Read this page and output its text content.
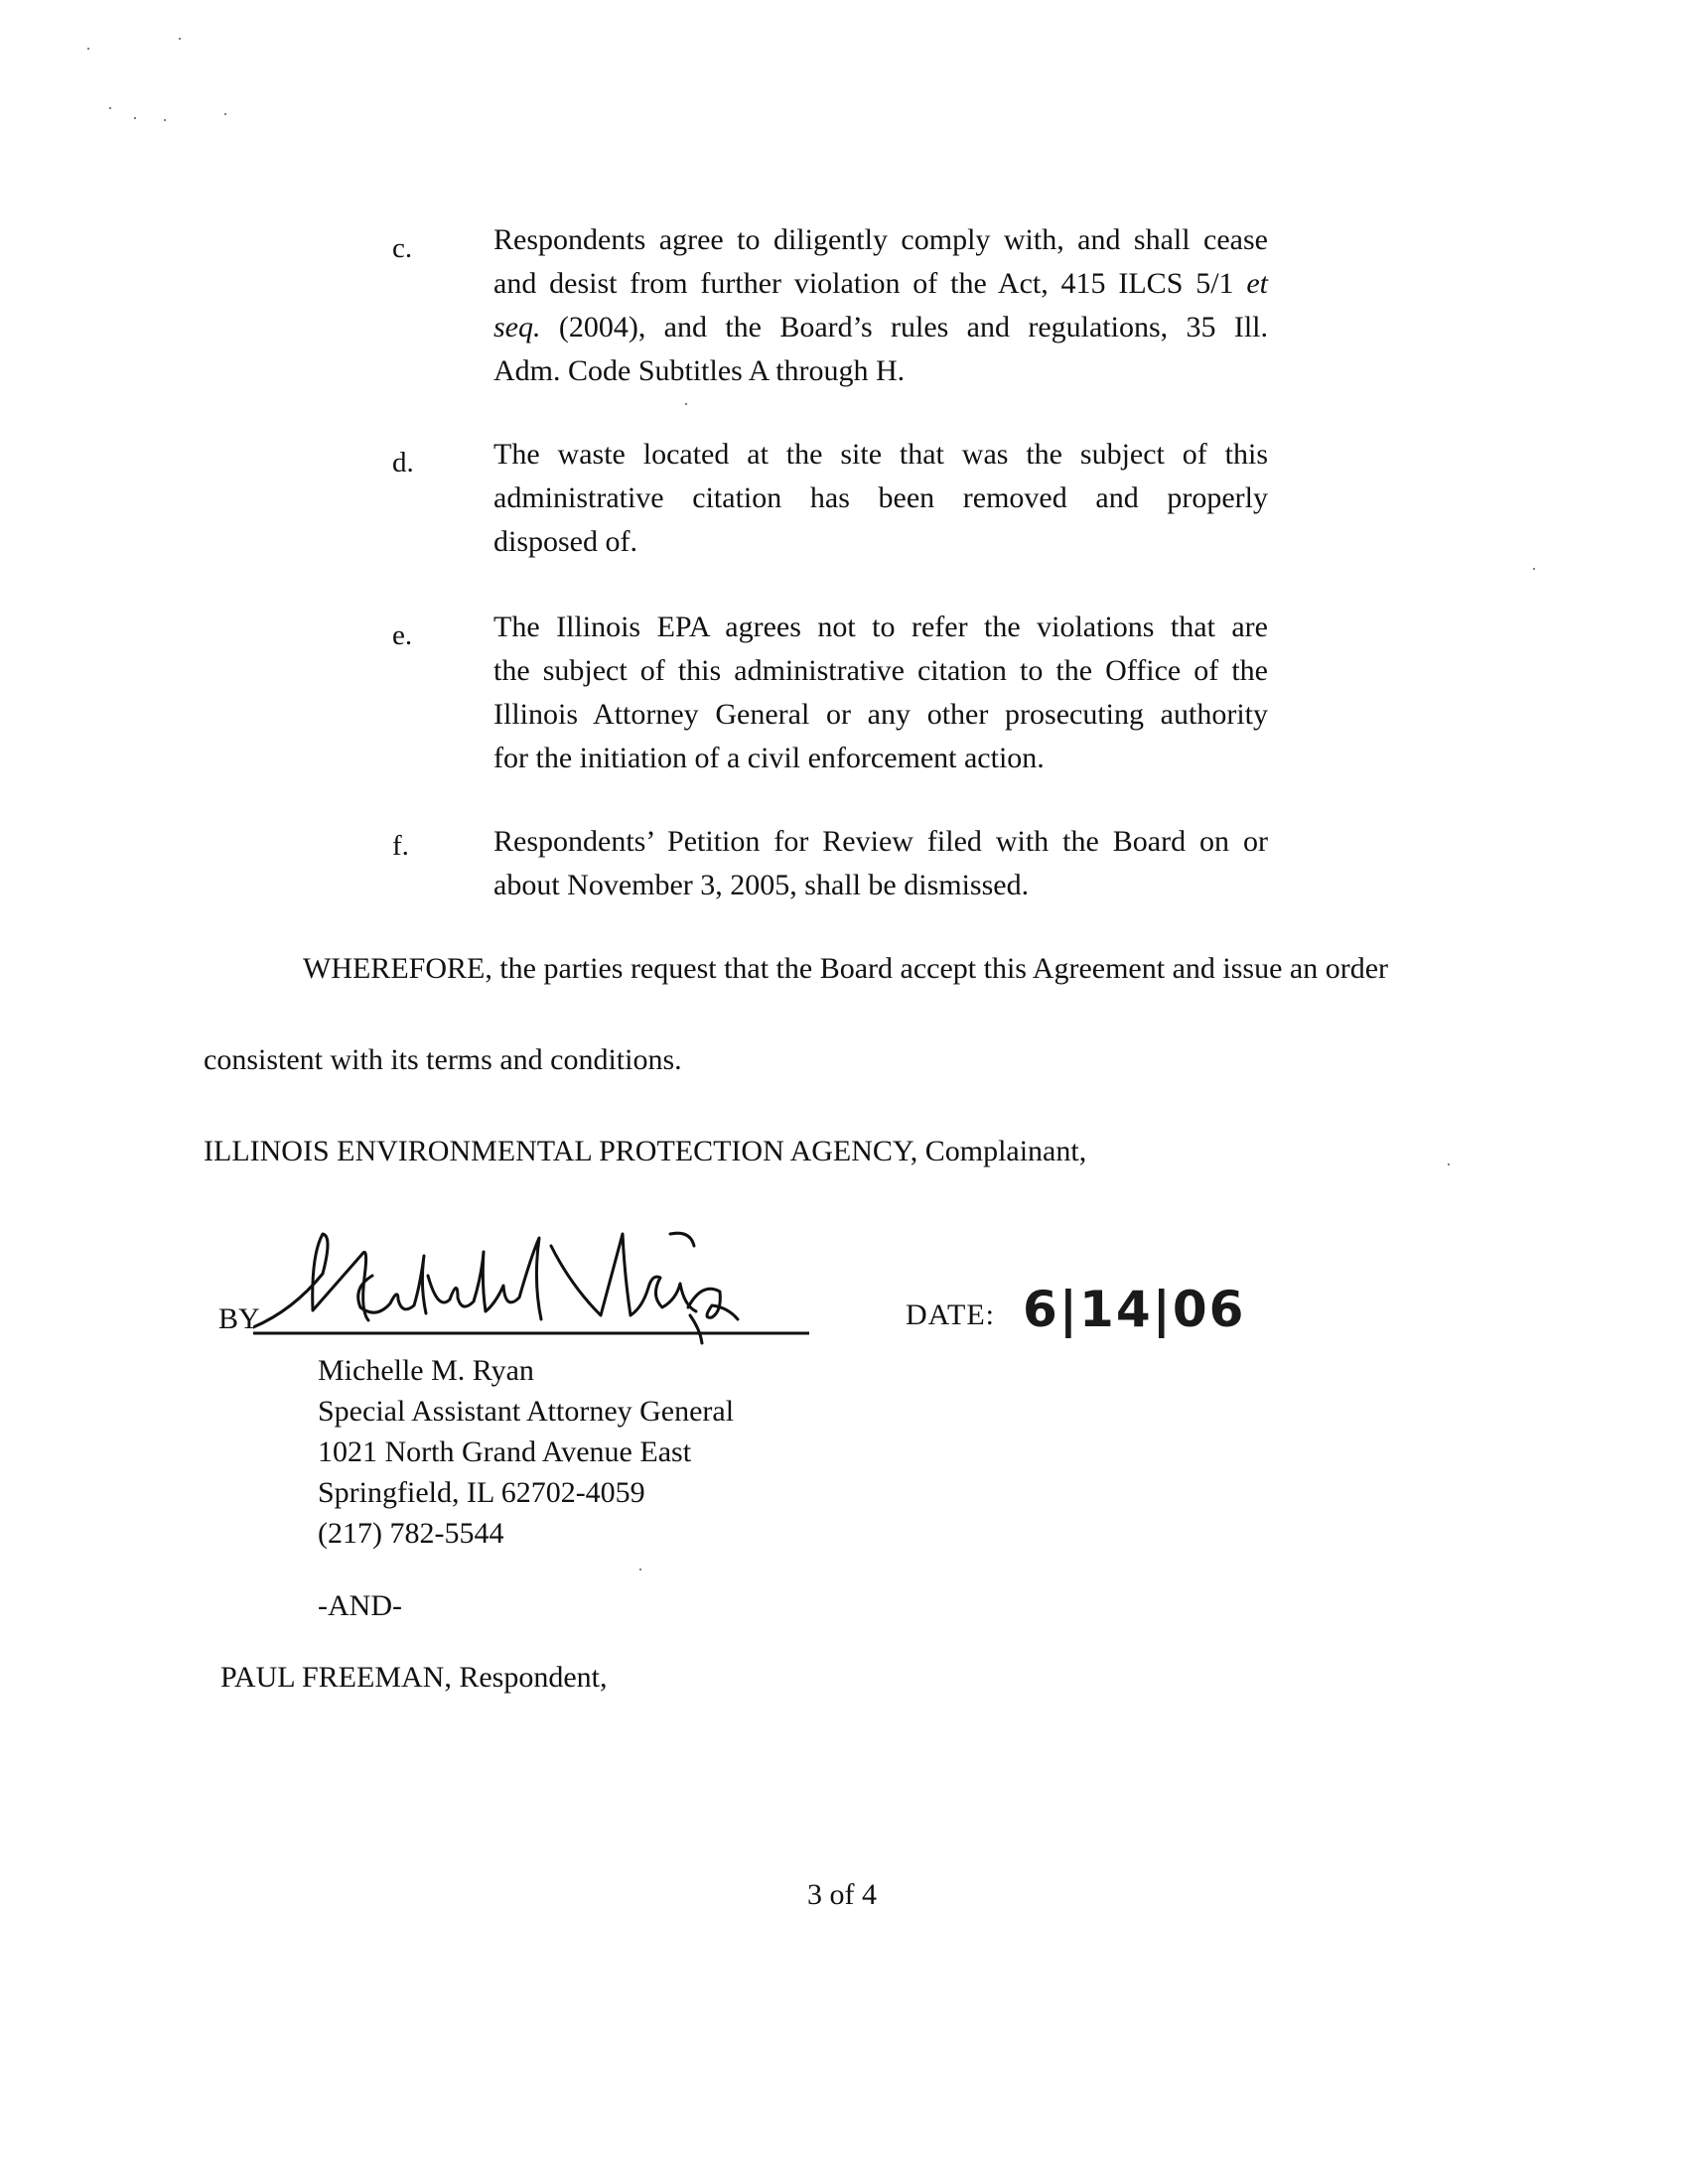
c.	Respondents agree to diligently comply with, and shall cease
and desist from further violation of the Act, 415 ILCS 5/1 et
seq. (2004), and the Board’s rules and regulations, 35 Ill.
Adm. Code Subtitles A through H.
d.	The waste located at the site that was the subject of this
administrative citation has been removed and properly
disposed of.
e.	The Illinois EPA agrees not to refer the violations that are
the subject of this administrative citation to the Office of the
Illinois Attorney General or any other prosecuting authority
for the initiation of a civil enforcement action.
f.	Respondents’ Petition for Review filed with the Board on or
about November 3, 2005, shall be dismissed.
WHEREFORE, the parties request that the Board accept this Agreement and issue an order
consistent with its terms and conditions.
ILLINOIS ENVIRONMENTAL PROTECTION AGENCY, Complainant,
BY	DATE: 6|14|06
Michelle M. Ryan
Special Assistant Attorney General
1021 North Grand Avenue East
Springfield, IL 62702-4059
(217) 782-5544
-AND-
PAUL FREEMAN, Respondent,
3 of 4
